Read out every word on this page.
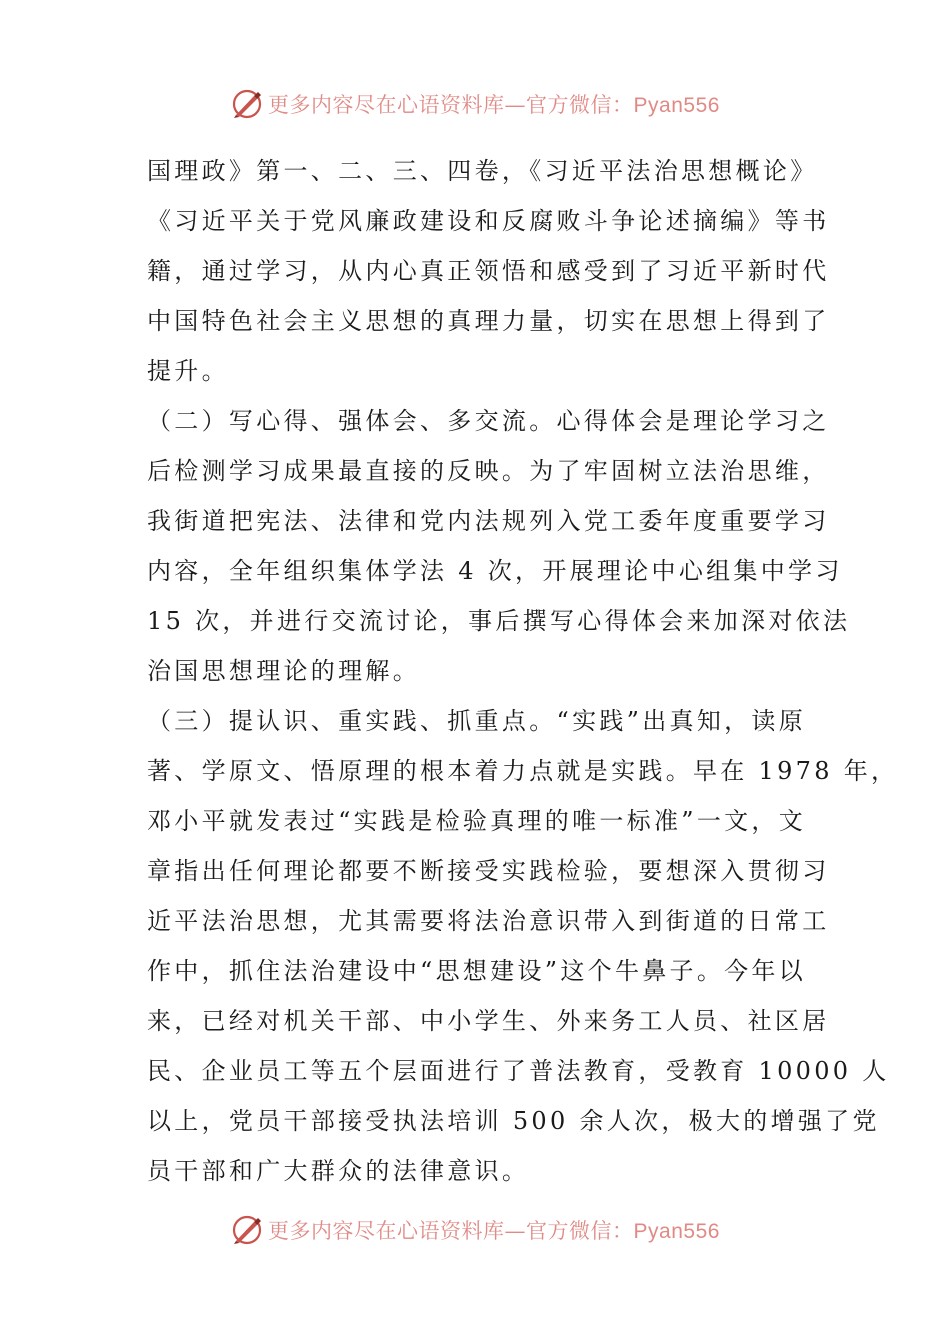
更多内容尽在心语资料库—官方微信：Pyan556
国理政》第一、二、三、四卷，《习近平法治思想概论》
《习近平关于党风廉政建设和反腐败斗争论述摘编》等书
籍，通过学习，从内心真正领悟和感受到了习近平新时代
中国特色社会主义思想的真理力量，切实在思想上得到了
提升。
（二）写心得、强体会、多交流。心得体会是理论学习之
后检测学习成果最直接的反映。为了牢固树立法治思维，
我街道把宪法、法律和党内法规列入党工委年度重要学习
内容，全年组织集体学法 4 次，开展理论中心组集中学习
15 次，并进行交流讨论，事后撰写心得体会来加深对依法
治国思想理论的理解。
（三）提认识、重实践、抓重点。“实践”出真知，读原
著、学原文、悟原理的根本着力点就是实践。早在 1978 年，
邓小平就发表过“实践是检验真理的唯一标准”一文，文
章指出任何理论都要不断接受实践检验，要想深入贯彻习
近平法治思想，尤其需要将法治意识带入到街道的日常工
作中，抓住法治建设中“思想建设”这个牛鼻子。今年以
来，已经对机关干部、中小学生、外来务工人员、社区居
民、企业员工等五个层面进行了普法教育，受教育 10000 人
以上，党员干部接受执法培训 500 余人次，极大的增强了党
员干部和广大群众的法律意识。
更多内容尽在心语资料库—官方微信：Pyan556
